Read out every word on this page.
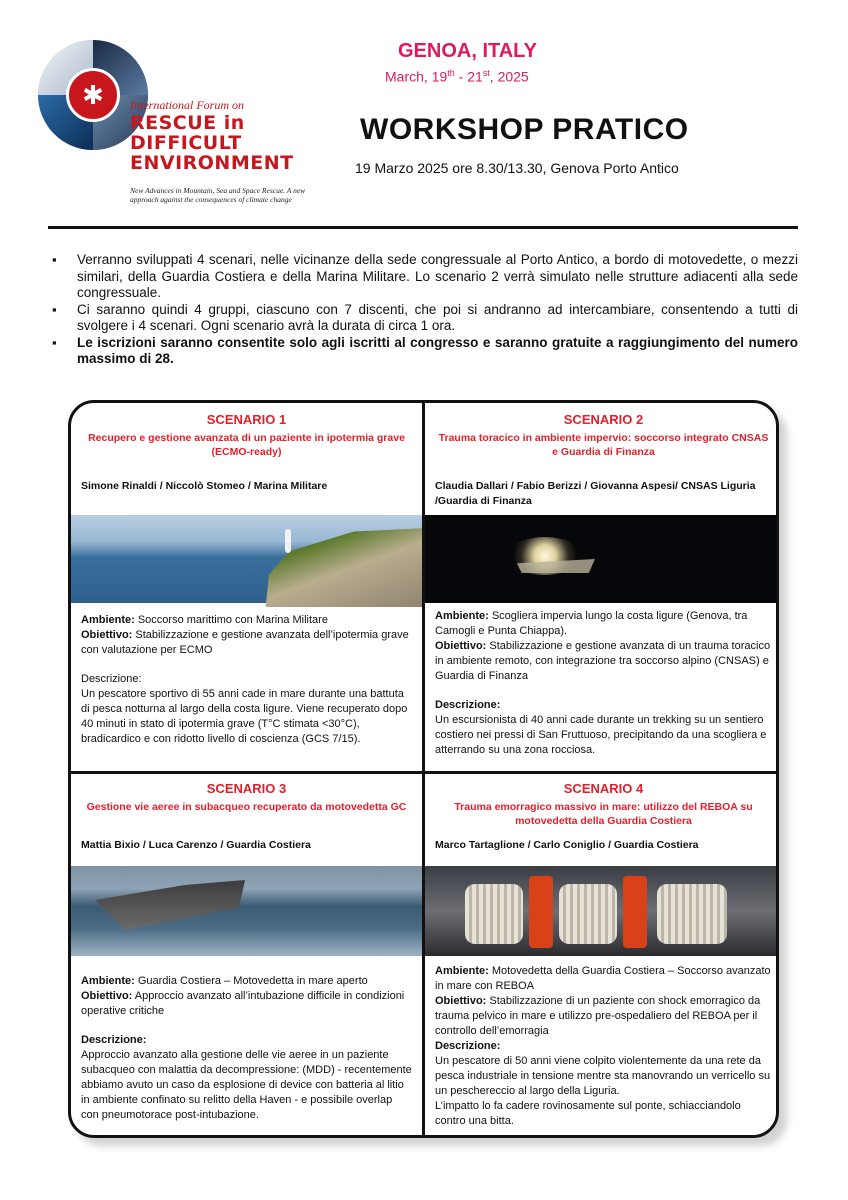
✱	International Forum on
RESCUE in
DIFFICULT
ENVIRONMENT
New Advances in Mountain, Sea and Space Rescue. A new approach against the consequences of climate change
GENOA, ITALY
March, 19th - 21st, 2025
WORKSHOP PRATICO
19 Marzo 2025 ore 8.30/13.30, Genova Porto Antico
▪ Verranno sviluppati 4 scenari, nelle vicinanze della sede congressuale al Porto Antico, a bordo di motovedette, o mezzi similari, della Guardia Costiera e della Marina Militare. Lo scenario 2 verrà simulato nelle strutture adiacenti alla sede congressuale.
▪ Ci saranno quindi 4 gruppi, ciascuno con 7 discenti, che poi si andranno ad intercambiare, consentendo a tutti di svolgere i 4 scenari. Ogni scenario avrà la durata di circa 1 ora.
▪ Le iscrizioni saranno consentite solo agli iscritti al congresso e saranno gratuite a raggiungimento del numero massimo di 28.
SCENARIO 1
Recupero e gestione avanzata di un paziente in ipotermia grave (ECMO-ready)
Simone Rinaldi / Niccolò Stomeo / Marina Militare

Ambiente: Soccorso marittimo con Marina Militare

Obiettivo: Stabilizzazione e gestione avanzata dell’ipotermia grave con valutazione per ECMO

Descrizione:

Un pescatore sportivo di 55 anni cade in mare durante una battuta di pesca notturna al largo della costa ligure. Viene recuperato dopo 40 minuti in stato di ipotermia grave (T°C stimata <30°C), bradicardico e con ridotto livello di coscienza (GCS 7/15).

SCENARIO 2
Trauma toracico in ambiente impervio: soccorso integrato CNSAS e Guardia di Finanza
Claudia Dallari / Fabio Berizzi / Giovanna Aspesi/ CNSAS Liguria /Guardia di Finanza

Ambiente: Scogliera impervia lungo la costa ligure (Genova, tra Camogli e Punta Chiappa).

Obiettivo: Stabilizzazione e gestione avanzata di un trauma toracico in ambiente remoto, con integrazione tra soccorso alpino (CNSAS) e Guardia di Finanza

Descrizione:

Un escursionista di 40 anni cade durante un trekking su un sentiero costiero nei pressi di San Fruttuoso, precipitando da una scogliera e atterrando su una zona rocciosa.

SCENARIO 3
Gestione vie aeree in subacqueo recuperato da motovedetta GC
Mattia Bixio / Luca Carenzo / Guardia Costiera

Ambiente: Guardia Costiera – Motovedetta in mare aperto

Obiettivo: Approccio avanzato all’intubazione difficile in condizioni operative critiche

Descrizione:

Approccio avanzato alla gestione delle vie aeree in un paziente subacqueo con malattia da decompressione: (MDD) - recentemente abbiamo avuto un caso da esplosione di device con batteria al litio in ambiente confinato su relitto della Haven - e possibile overlap con pneumotorace post-intubazione.

SCENARIO 4
Trauma emorragico massivo in mare: utilizzo del REBOA su motovedetta della Guardia Costiera
Marco Tartaglione / Carlo Coniglio / Guardia Costiera

Ambiente: Motovedetta della Guardia Costiera – Soccorso avanzato in mare con REBOA

Obiettivo: Stabilizzazione di un paziente con shock emorragico da trauma pelvico in mare e utilizzo pre-ospedaliero del REBOA per il controllo dell’emorragia

Descrizione:

Un pescatore di 50 anni viene colpito violentemente da una rete da pesca industriale in tensione mentre sta manovrando un verricello su un peschereccio al largo della Liguria.

L’impatto lo fa cadere rovinosamente sul ponte, schiacciandolo contro una bitta.
